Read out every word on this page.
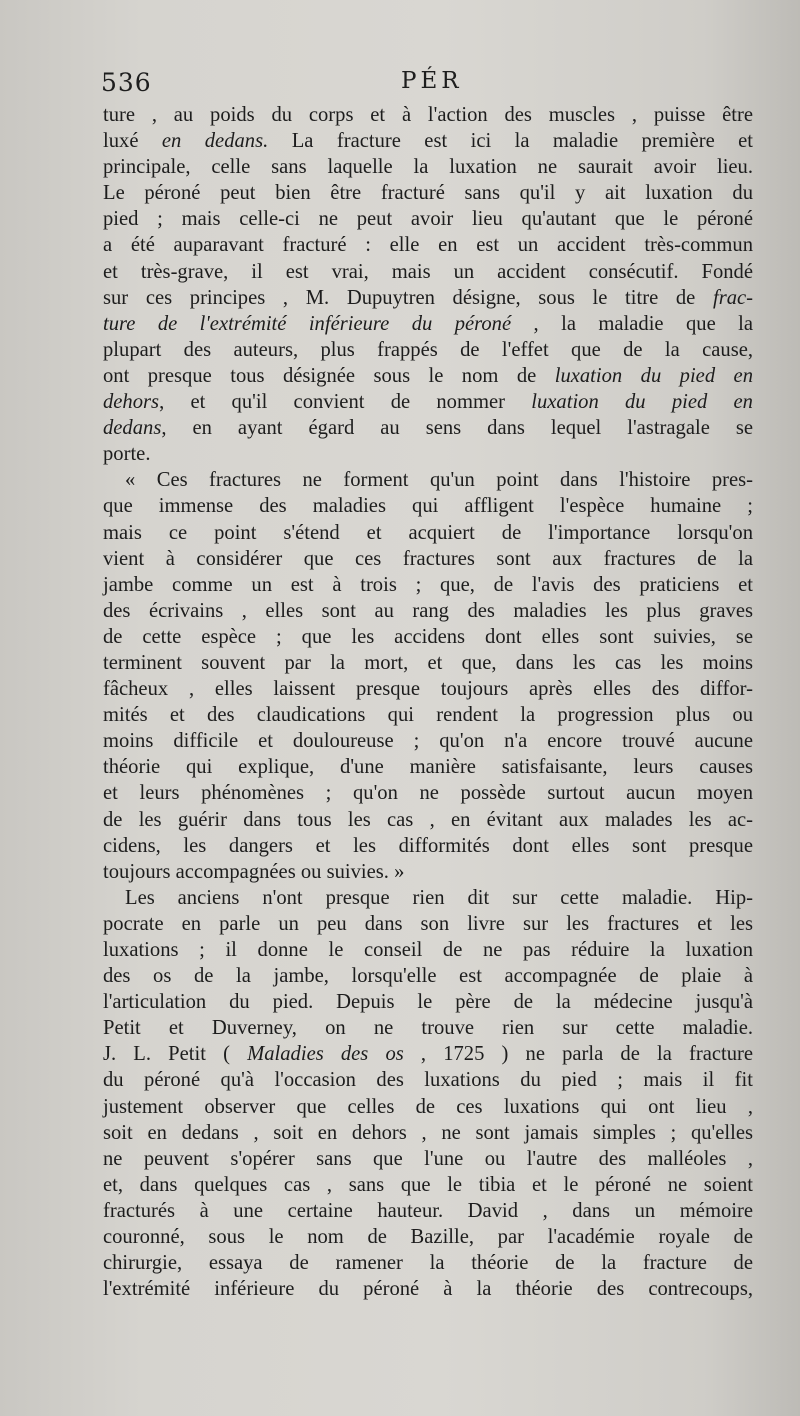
536	PÉR
ture , au poids du corps et à l'action des muscles , puisse être
luxé en dedans. La fracture est ici la maladie première et
principale, celle sans laquelle la luxation ne saurait avoir lieu.
Le péroné peut bien être fracturé sans qu'il y ait luxation du
pied ; mais celle-ci ne peut avoir lieu qu'autant que le péroné
a été auparavant fracturé : elle en est un accident très-commun
et très-grave, il est vrai, mais un accident consécutif. Fondé
sur ces principes , M. Dupuytren désigne, sous le titre de frac-
ture de l'extrémité inférieure du péroné , la maladie que la
plupart des auteurs, plus frappés de l'effet que de la cause,
ont presque tous désignée sous le nom de luxation du pied en
dehors, et qu'il convient de nommer luxation du pied en
dedans, en ayant égard au sens dans lequel l'astragale se
porte.
« Ces fractures ne forment qu'un point dans l'histoire pres-
que immense des maladies qui affligent l'espèce humaine ;
mais ce point s'étend et acquiert de l'importance lorsqu'on
vient à considérer que ces fractures sont aux fractures de la
jambe comme un est à trois ; que, de l'avis des praticiens et
des écrivains , elles sont au rang des maladies les plus graves
de cette espèce ; que les accidens dont elles sont suivies, se
terminent souvent par la mort, et que, dans les cas les moins
fâcheux , elles laissent presque toujours après elles des diffor-
mités et des claudications qui rendent la progression plus ou
moins difficile et douloureuse ; qu'on n'a encore trouvé aucune
théorie qui explique, d'une manière satisfaisante, leurs causes
et leurs phénomènes ; qu'on ne possède surtout aucun moyen
de les guérir dans tous les cas , en évitant aux malades les ac-
cidens, les dangers et les difformités dont elles sont presque
toujours accompagnées ou suivies. »
Les anciens n'ont presque rien dit sur cette maladie. Hip-
pocrate en parle un peu dans son livre sur les fractures et les
luxations ; il donne le conseil de ne pas réduire la luxation
des os de la jambe, lorsqu'elle est accompagnée de plaie à
l'articulation du pied. Depuis le père de la médecine jusqu'à
Petit et Duverney, on ne trouve rien sur cette maladie.
J. L. Petit ( Maladies des os , 1725 ) ne parla de la fracture
du péroné qu'à l'occasion des luxations du pied ; mais il fit
justement observer que celles de ces luxations qui ont lieu ,
soit en dedans , soit en dehors , ne sont jamais simples ; qu'elles
ne peuvent s'opérer sans que l'une ou l'autre des malléoles ,
et, dans quelques cas , sans que le tibia et le péroné ne soient
fracturés à une certaine hauteur. David , dans un mémoire
couronné, sous le nom de Bazille, par l'académie royale de
chirurgie, essaya de ramener la théorie de la fracture de
l'extrémité inférieure du péroné à la théorie des contrecoups,
